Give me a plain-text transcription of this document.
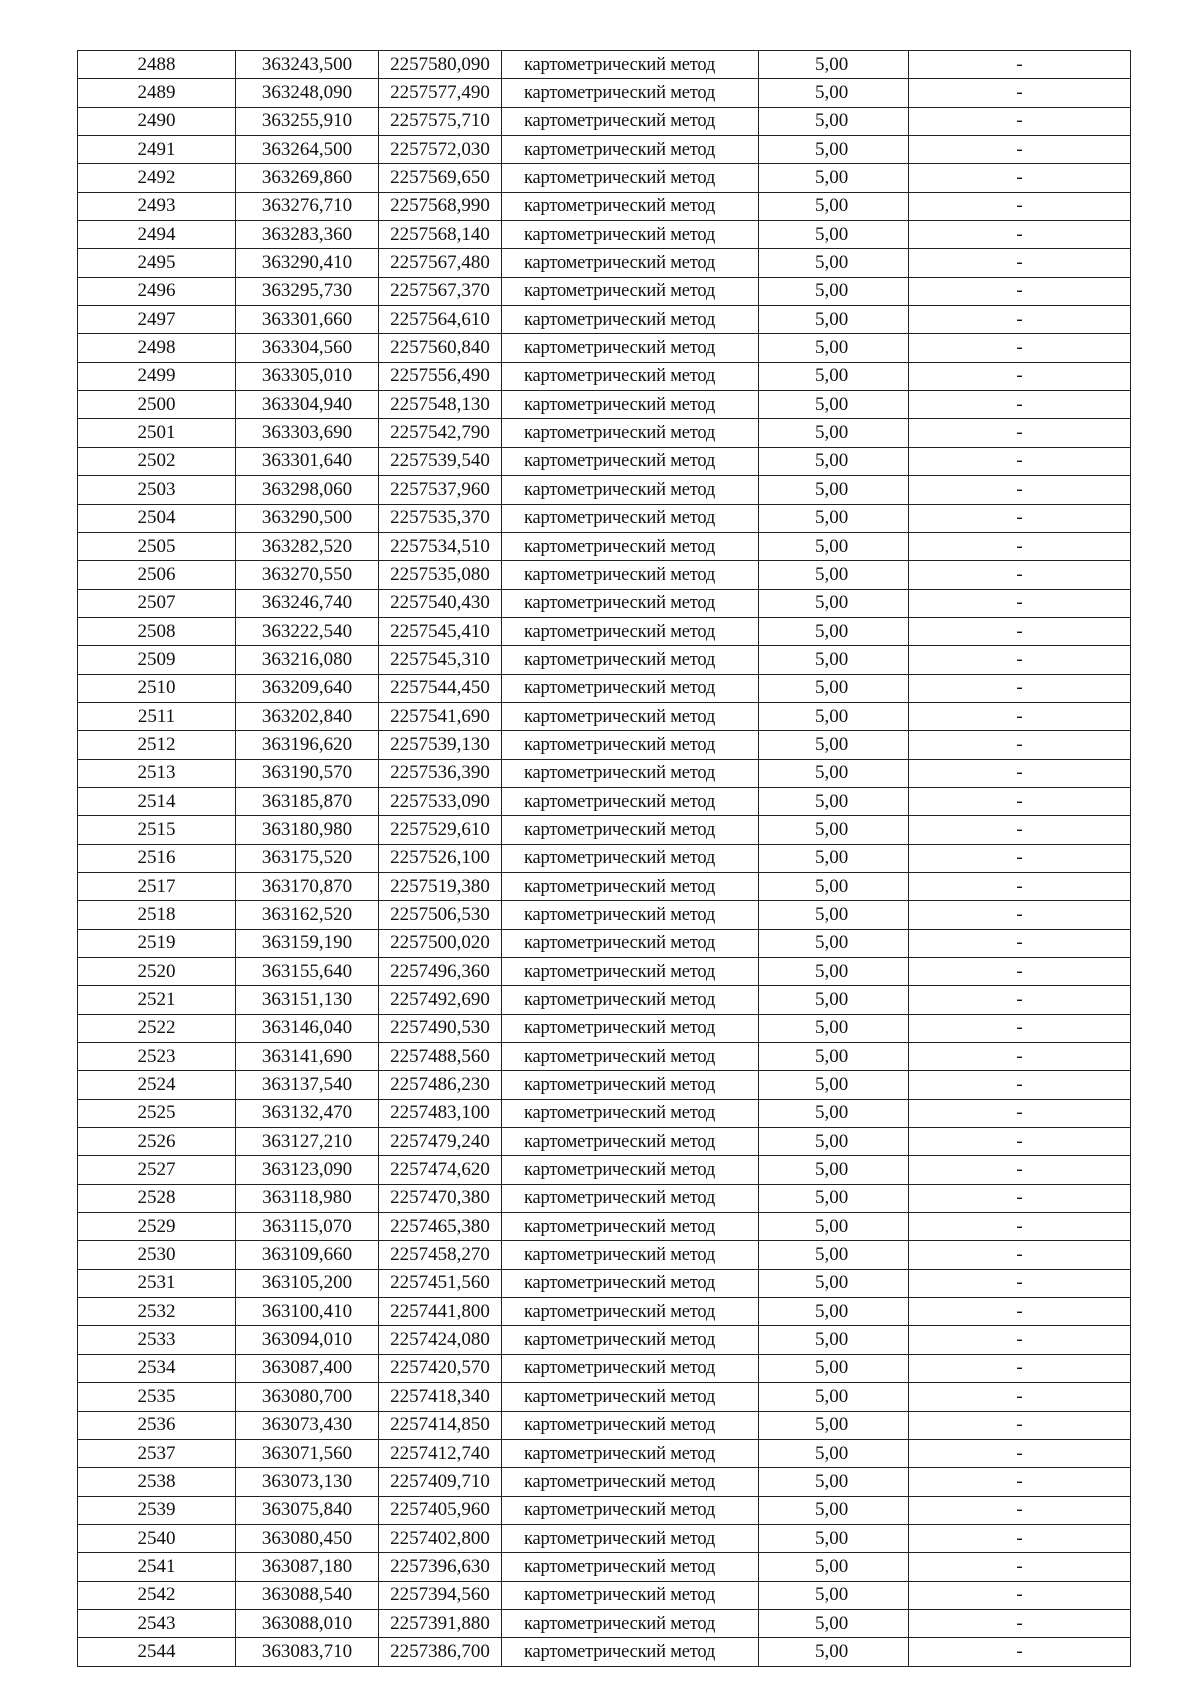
2488	363243,500	2257580,090	картометрический метод	5,00	-
2489	363248,090	2257577,490	картометрический метод	5,00	-
2490	363255,910	2257575,710	картометрический метод	5,00	-
2491	363264,500	2257572,030	картометрический метод	5,00	-
2492	363269,860	2257569,650	картометрический метод	5,00	-
2493	363276,710	2257568,990	картометрический метод	5,00	-
2494	363283,360	2257568,140	картометрический метод	5,00	-
2495	363290,410	2257567,480	картометрический метод	5,00	-
2496	363295,730	2257567,370	картометрический метод	5,00	-
2497	363301,660	2257564,610	картометрический метод	5,00	-
2498	363304,560	2257560,840	картометрический метод	5,00	-
2499	363305,010	2257556,490	картометрический метод	5,00	-
2500	363304,940	2257548,130	картометрический метод	5,00	-
2501	363303,690	2257542,790	картометрический метод	5,00	-
2502	363301,640	2257539,540	картометрический метод	5,00	-
2503	363298,060	2257537,960	картометрический метод	5,00	-
2504	363290,500	2257535,370	картометрический метод	5,00	-
2505	363282,520	2257534,510	картометрический метод	5,00	-
2506	363270,550	2257535,080	картометрический метод	5,00	-
2507	363246,740	2257540,430	картометрический метод	5,00	-
2508	363222,540	2257545,410	картометрический метод	5,00	-
2509	363216,080	2257545,310	картометрический метод	5,00	-
2510	363209,640	2257544,450	картометрический метод	5,00	-
2511	363202,840	2257541,690	картометрический метод	5,00	-
2512	363196,620	2257539,130	картометрический метод	5,00	-
2513	363190,570	2257536,390	картометрический метод	5,00	-
2514	363185,870	2257533,090	картометрический метод	5,00	-
2515	363180,980	2257529,610	картометрический метод	5,00	-
2516	363175,520	2257526,100	картометрический метод	5,00	-
2517	363170,870	2257519,380	картометрический метод	5,00	-
2518	363162,520	2257506,530	картометрический метод	5,00	-
2519	363159,190	2257500,020	картометрический метод	5,00	-
2520	363155,640	2257496,360	картометрический метод	5,00	-
2521	363151,130	2257492,690	картометрический метод	5,00	-
2522	363146,040	2257490,530	картометрический метод	5,00	-
2523	363141,690	2257488,560	картометрический метод	5,00	-
2524	363137,540	2257486,230	картометрический метод	5,00	-
2525	363132,470	2257483,100	картометрический метод	5,00	-
2526	363127,210	2257479,240	картометрический метод	5,00	-
2527	363123,090	2257474,620	картометрический метод	5,00	-
2528	363118,980	2257470,380	картометрический метод	5,00	-
2529	363115,070	2257465,380	картометрический метод	5,00	-
2530	363109,660	2257458,270	картометрический метод	5,00	-
2531	363105,200	2257451,560	картометрический метод	5,00	-
2532	363100,410	2257441,800	картометрический метод	5,00	-
2533	363094,010	2257424,080	картометрический метод	5,00	-
2534	363087,400	2257420,570	картометрический метод	5,00	-
2535	363080,700	2257418,340	картометрический метод	5,00	-
2536	363073,430	2257414,850	картометрический метод	5,00	-
2537	363071,560	2257412,740	картометрический метод	5,00	-
2538	363073,130	2257409,710	картометрический метод	5,00	-
2539	363075,840	2257405,960	картометрический метод	5,00	-
2540	363080,450	2257402,800	картометрический метод	5,00	-
2541	363087,180	2257396,630	картометрический метод	5,00	-
2542	363088,540	2257394,560	картометрический метод	5,00	-
2543	363088,010	2257391,880	картометрический метод	5,00	-
2544	363083,710	2257386,700	картометрический метод	5,00	-
